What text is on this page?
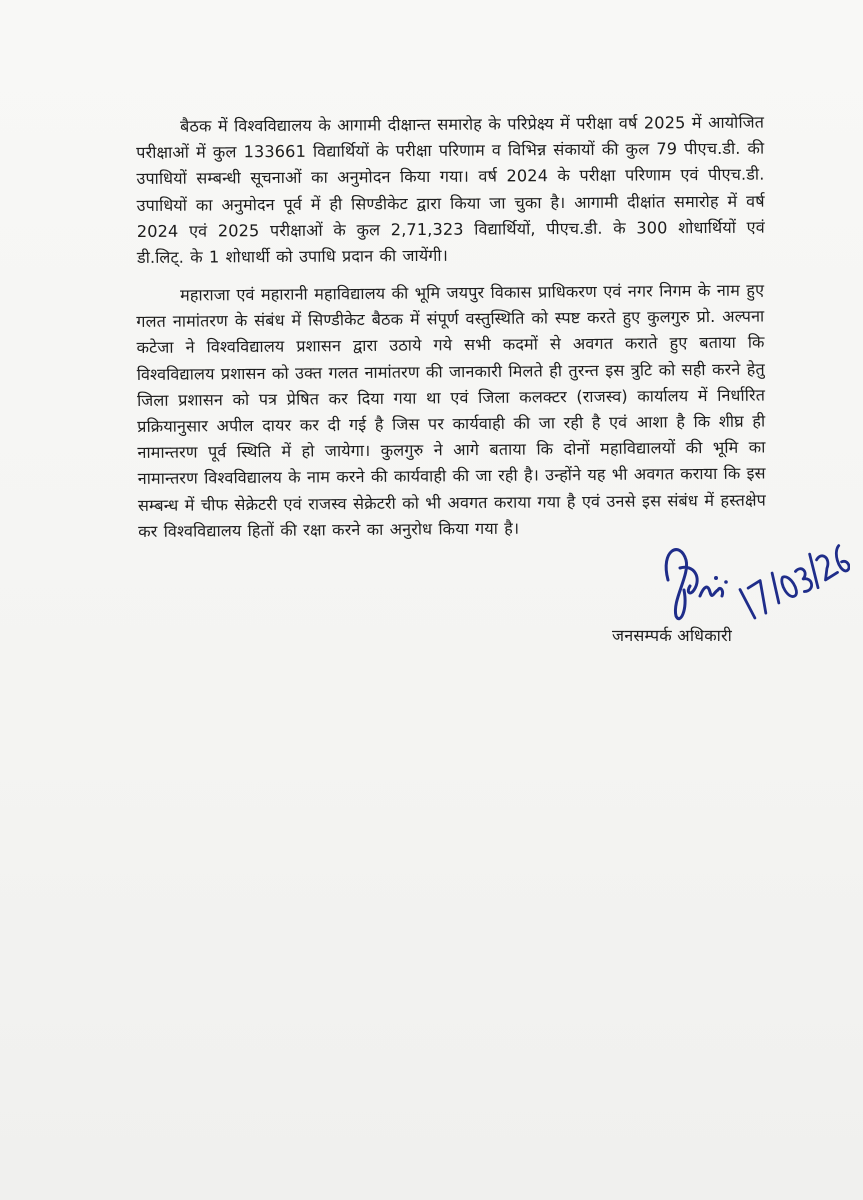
बैठक में विश्वविद्यालय के आगामी दीक्षान्त समारोह के परिप्रेक्ष्य में परीक्षा वर्ष 2025 में आयोजित परीक्षाओं में कुल 133661 विद्यार्थियों के परीक्षा परिणाम व विभिन्न संकायों की कुल 79 पीएच.डी. की उपाधियों सम्बन्धी सूचनाओं का अनुमोदन किया गया। वर्ष 2024 के परीक्षा परिणाम एवं पीएच.डी. उपाधियों का अनुमोदन पूर्व में ही सिण्डीकेट द्वारा किया जा चुका है। आगामी दीक्षांत समारोह में वर्ष 2024 एवं 2025 परीक्षाओं के कुल 2,71,323 विद्यार्थियों, पीएच.डी. के 300 शोधार्थियों एवं डी.लिट्. के 1 शोधार्थी को उपाधि प्रदान की जायेंगी।

महाराजा एवं महारानी महाविद्यालय की भूमि जयपुर विकास प्राधिकरण एवं नगर निगम के नाम हुए गलत नामांतरण के संबंध में सिण्डीकेट बैठक में संपूर्ण वस्तुस्थिति को स्पष्ट करते हुए कुलगुरु प्रो. अल्पना कटेजा ने विश्वविद्यालय प्रशासन द्वारा उठाये गये सभी कदमों से अवगत कराते हुए बताया कि विश्वविद्यालय प्रशासन को उक्त गलत नामांतरण की जानकारी मिलते ही तुरन्त इस त्रुटि को सही करने हेतु जिला प्रशासन को पत्र प्रेषित कर दिया गया था एवं जिला कलक्टर (राजस्व) कार्यालय में निर्धारित प्रक्रियानुसार अपील दायर कर दी गई है जिस पर कार्यवाही की जा रही है एवं आशा है कि शीघ्र ही नामान्तरण पूर्व स्थिति में हो जायेगा। कुलगुरु ने आगे बताया कि दोनों महाविद्यालयों की भूमि का नामान्तरण विश्वविद्यालय के नाम करने की कार्यवाही की जा रही है। उन्होंने यह भी अवगत कराया कि इस सम्बन्ध में चीफ सेक्रेटरी एवं राजस्व सेक्रेटरी को भी अवगत कराया गया है एवं उनसे इस संबंध में हस्तक्षेप कर विश्वविद्यालय हितों की रक्षा करने का अनुरोध किया गया है।

जनसम्पर्क अधिकारी
